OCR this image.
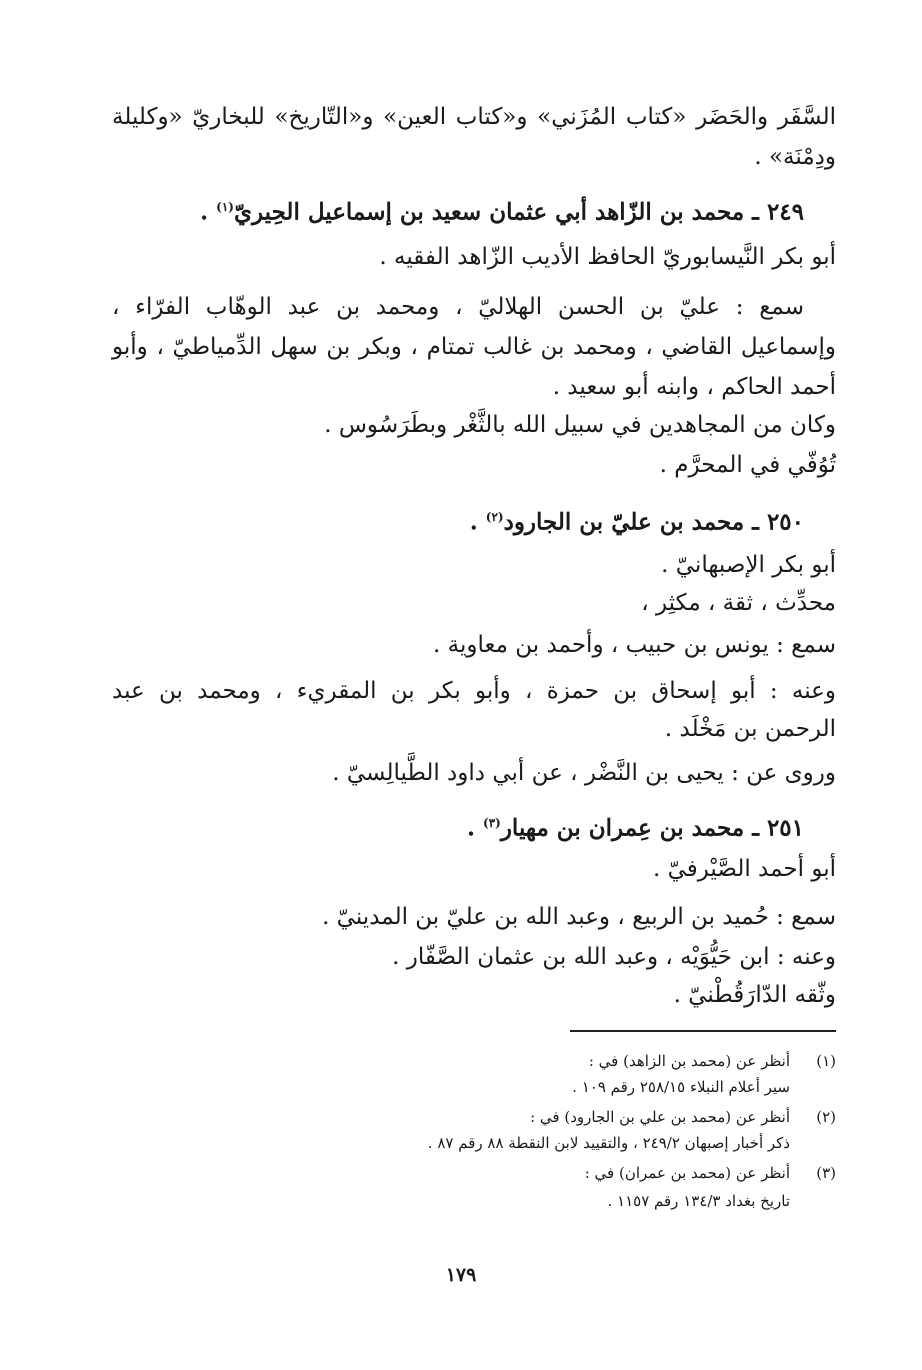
السَّفَر والحَضَر «كتاب المُزَني» و«كتاب العين» و«التّاريخ» للبخاريّ «وكليلة
ودِمْنَة» .
٢٤٩ ـ محمد بن الزّاهد أبي عثمان سعيد بن إسماعيل الحِيريّ$^{(١)}$ .
أبو بكر النَّيسابوريّ الحافظ الأديب الزّاهد الفقيه .
سمع : عليّ بن الحسن الهلاليّ ، ومحمد بن عبد الوهّاب الفرّاء ،
وإسماعيل القاضي ، ومحمد بن غالب تمتام ، وبكر بن سهل الدِّمياطيّ ، وأبو
أحمد الحاكم ، وابنه أبو سعيد .
وكان من المجاهدين في سبيل الله بالثَّغْر وبطَرَسُوس .
تُوُفّي في المحرَّم .
٢٥٠ ـ محمد بن عليّ بن الجارود$^{(٢)}$ .
أبو بكر الإصبهانيّ .
محدِّث ، ثقة ، مكثِر ،
سمع : يونس بن حبيب ، وأحمد بن معاوية .
وعنه : أبو إسحاق بن حمزة ، وأبو بكر بن المقريء ، ومحمد بن عبد
الرحمن بن مَخْلَد .
وروى عن : يحيى بن النَّضْر ، عن أبي داود الطَّيالِسيّ .
٢٥١ ـ محمد بن عِمران بن مهيار$^{(٣)}$ .
أبو أحمد الصَّيْرفيّ .
سمع : حُميد بن الربيع ، وعبد الله بن عليّ بن المدينيّ .
وعنه : ابن حَيُّوَيْه ، وعبد الله بن عثمان الصَّفّار .
وثّقه الدّارَقُطْنيّ .
(١)
أنظر عن (محمد بن الزاهد) في :
سير أعلام النبلاء ٢٥٨/١٥ رقم ١٠٩ .
(٢)
أنظر عن (محمد بن علي بن الجارود) في :
ذكر أخبار إصبهان ٢٤٩/٢ ، والتقييد لابن النقطة ٨٨ رقم ٨٧ .
(٣)
أنظر عن (محمد بن عمران) في :
تاريخ بغداد ١٣٤/٣ رقم ١١٥٧ .
١٧٩
